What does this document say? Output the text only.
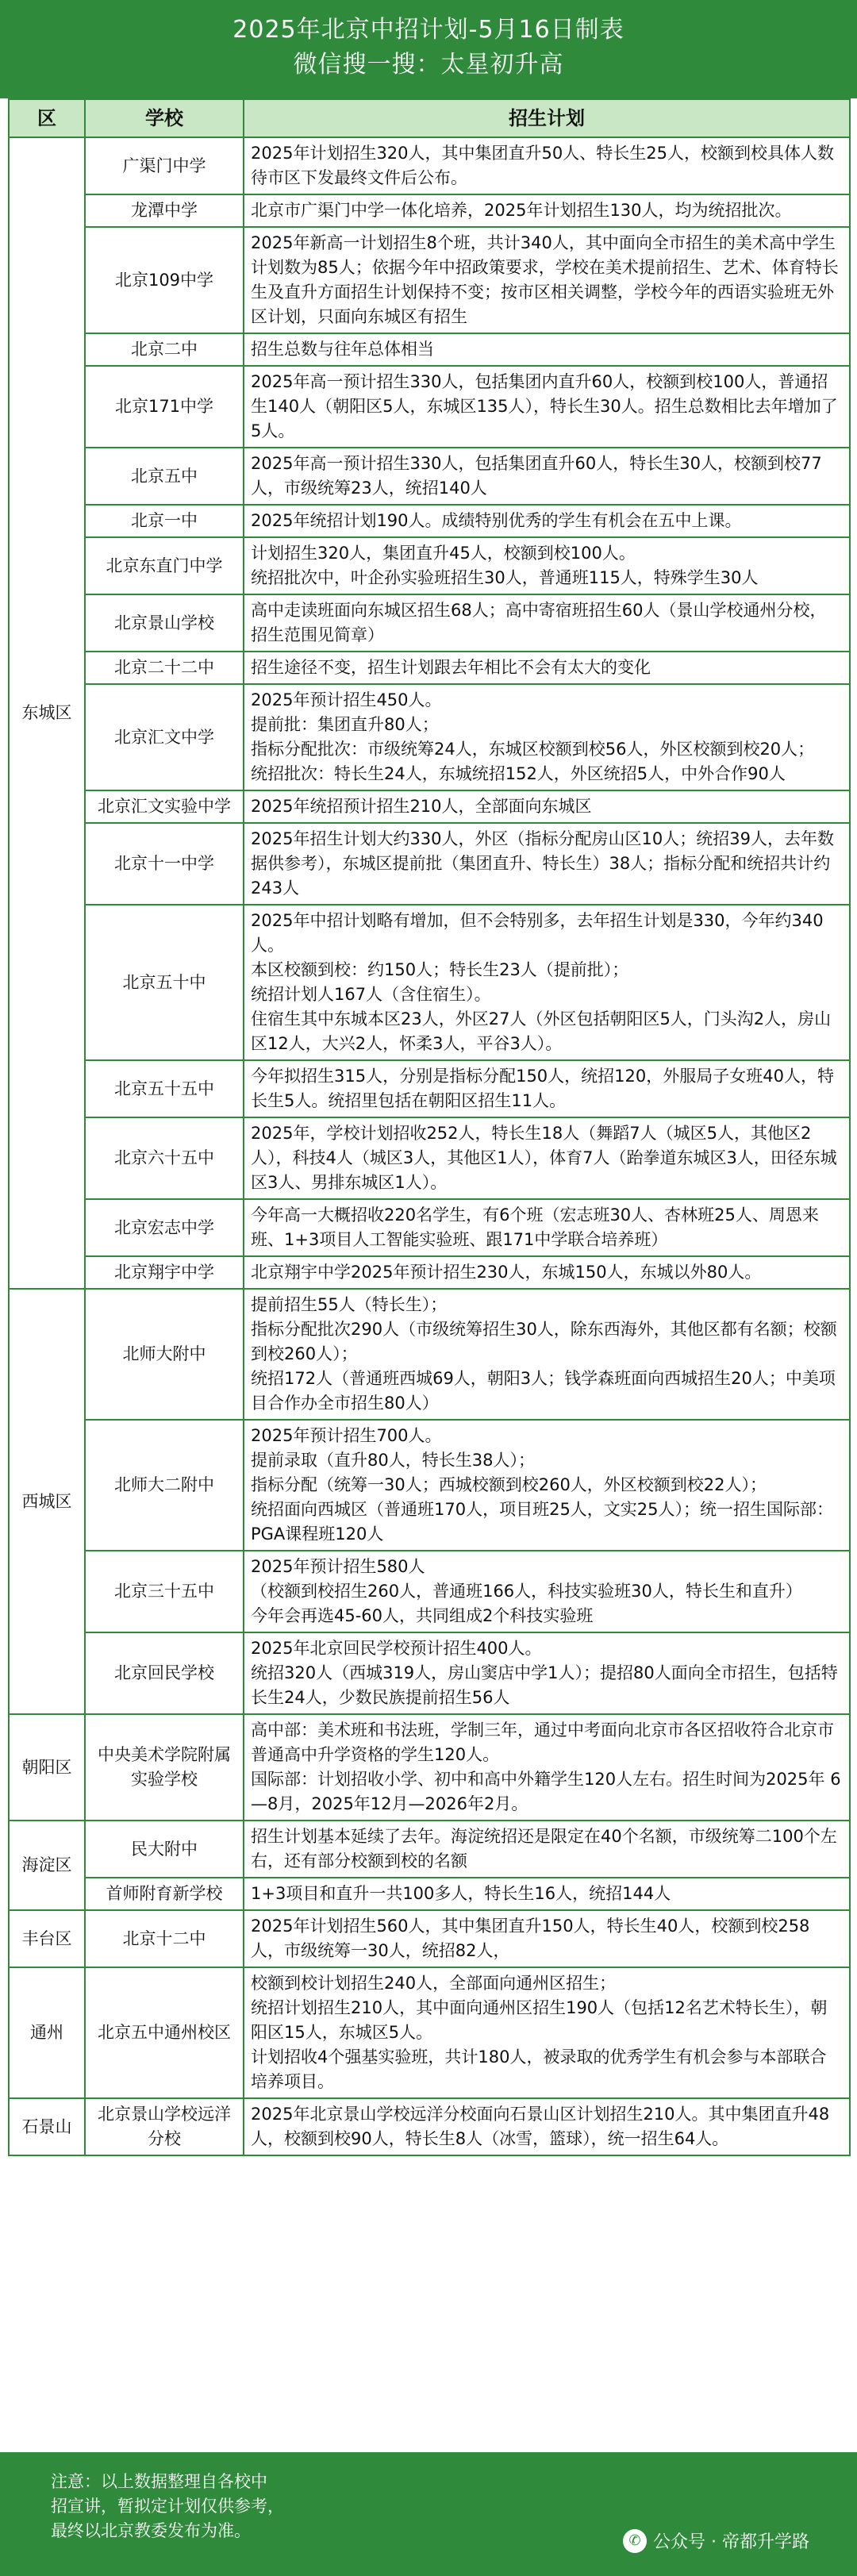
2025年北京中招计划-5月16日制表
微信搜一搜：太星初升高
区	学校	招生计划
东城区	广渠门中学	2025年计划招生320人，其中集团直升50人、特长生25人，校额到校具体人数待市区下发最终文件后公布。
	龙潭中学	北京市广渠门中学一体化培养，2025年计划招生130人，均为统招批次。
	北京109中学	2025年新高一计划招生8个班，共计340人，其中面向全市招生的美术高中学生计划数为85人；依据今年中招政策要求，学校在美术提前招生、艺术、体育特长生及直升方面招生计划保持不变；按市区相关调整，学校今年的西语实验班无外区计划，只面向东城区有招生
	北京二中	招生总数与往年总体相当
	北京171中学	2025年高一预计招生330人，包括集团内直升60人，校额到校100人，普通招生140人（朝阳区5人，东城区135人），特长生30人。招生总数相比去年增加了5人。
	北京五中	2025年高一预计招生330人，包括集团直升60人，特长生30人，校额到校77人，市级统筹23人，统招140人
	北京一中	2025年统招计划190人。成绩特别优秀的学生有机会在五中上课。
	北京东直门中学	计划招生320人，集团直升45人，校额到校100人。
统招批次中，叶企孙实验班招生30人，普通班115人，特殊学生30人
	北京景山学校	高中走读班面向东城区招生68人；高中寄宿班招生60人（景山学校通州分校，招生范围见简章）
	北京二十二中	招生途径不变，招生计划跟去年相比不会有太大的变化
	北京汇文中学	2025年预计招生450人。
提前批：集团直升80人；
指标分配批次：市级统筹24人，东城区校额到校56人，外区校额到校20人；
统招批次：特长生24人，东城统招152人，外区统招5人，中外合作90人
	北京汇文实验中学	2025年统招预计招生210人，全部面向东城区
	北京十一中学	2025年招生计划大约330人，外区（指标分配房山区10人；统招39人，去年数据供参考），东城区提前批（集团直升、特长生）38人；指标分配和统招共计约243人
	北京五十中	2025年中招计划略有增加，但不会特别多，去年招生计划是330，今年约340人。
本区校额到校：约150人；特长生23人（提前批）；
统招计划人167人（含住宿生）。
住宿生其中东城本区23人，外区27人（外区包括朝阳区5人，门头沟2人，房山区12人，大兴2人，怀柔3人，平谷3人）。
	北京五十五中	今年拟招生315人，分别是指标分配150人，统招120，外服局子女班40人，特长生5人。统招里包括在朝阳区招生11人。
	北京六十五中	2025年，学校计划招收252人，特长生18人（舞蹈7人（城区5人，其他区2人），科技4人（城区3人，其他区1人），体育7人（跆拳道东城区3人，田径东城区3人、男排东城区1人）。
	北京宏志中学	今年高一大概招收220名学生，有6个班（宏志班30人、杏林班25人、周恩来班、1+3项目人工智能实验班、跟171中学联合培养班）
	北京翔宇中学	北京翔宇中学2025年预计招生230人，东城150人，东城以外80人。
西城区	北师大附中	提前招生55人（特长生）；
指标分配批次290人（市级统筹招生30人，除东西海外，其他区都有名额；校额到校260人）；
统招172人（普通班西城69人，朝阳3人；钱学森班面向西城招生20人；中美项目合作办全市招生80人）
	北师大二附中	2025年预计招生700人。
提前录取（直升80人，特长生38人）；
指标分配（统筹一30人；西城校额到校260人，外区校额到校22人）；
统招面向西城区（普通班170人，项目班25人，文实25人）；统一招生国际部：PGA课程班120人
	北京三十五中	2025年预计招生580人
（校额到校招生260人，普通班166人，科技实验班30人，特长生和直升）
今年会再选45-60人，共同组成2个科技实验班
	北京回民学校	2025年北京回民学校预计招生400人。
统招320人（西城319人，房山窦店中学1人）；提招80人面向全市招生，包括特长生24人，少数民族提前招生56人
朝阳区	中央美术学院附属实验学校	高中部：美术班和书法班，学制三年，通过中考面向北京市各区招收符合北京市普通高中升学资格的学生120人。
国际部：计划招收小学、初中和高中外籍学生120人左右。招生时间为2025年 6—8月，2025年12月—2026年2月。
海淀区	民大附中	招生计划基本延续了去年。海淀统招还是限定在40个名额，市级统筹二100个左右，还有部分校额到校的名额
	首师附育新学校	1+3项目和直升一共100多人，特长生16人，统招144人
丰台区	北京十二中	2025年计划招生560人，其中集团直升150人，特长生40人，校额到校258人，市级统筹一30人，统招82人，
通州	北京五中通州校区	校额到校计划招生240人，全部面向通州区招生；
统招计划招生210人，其中面向通州区招生190人（包括12名艺术特长生），朝阳区15人，东城区5人。
计划招收4个强基实验班，共计180人，被录取的优秀学生有机会参与本部联合培养项目。
石景山	北京景山学校远洋分校	2025年北京景山学校远洋分校面向石景山区计划招生210人。其中集团直升48人，校额到校90人，特长生8人（冰雪，篮球），统一招生64人。
注意：以上数据整理自各校中
招宣讲，暂拟定计划仅供参考，
最终以北京教委发布为准。	✆ 公众号 · 帝都升学路
